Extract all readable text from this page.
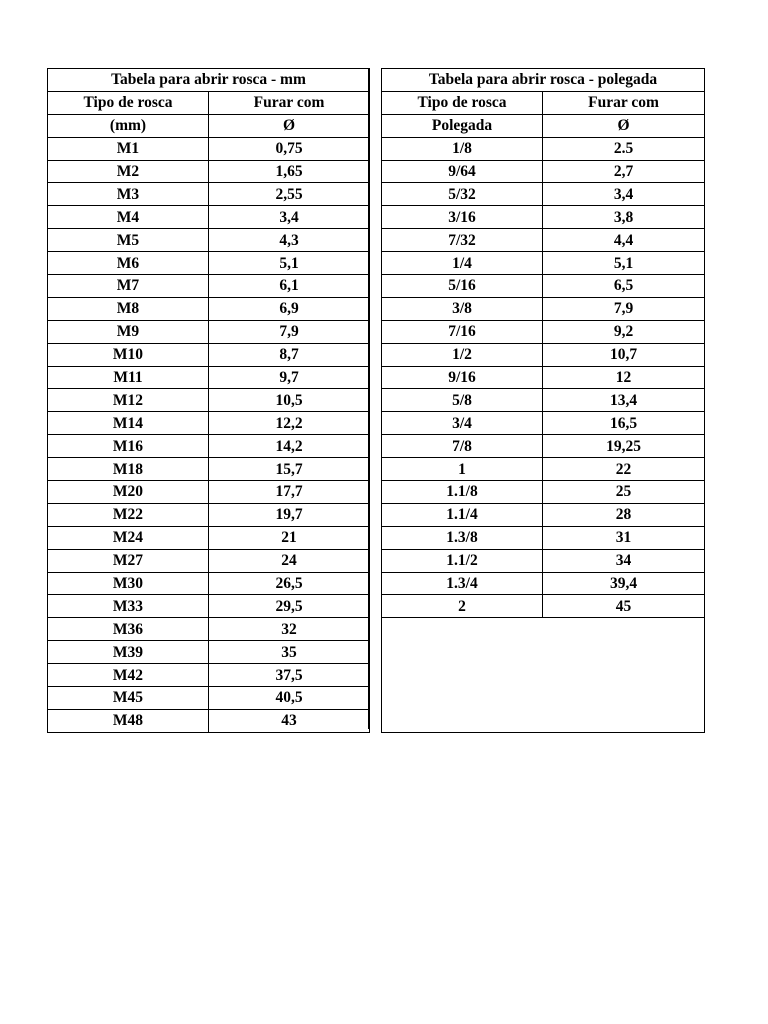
Tabela para abrir rosca - mm	
Tipo de rosca	Furar com
(mm)	Ø
M1	0,75
M2	1,65
M3	2,55
M4	3,4
M5	4,3
M6	5,1
M7	6,1
M8	6,9
M9	7,9
M10	8,7
M11	9,7
M12	10,5
M14	12,2
M16	14,2
M18	15,7
M20	17,7
M22	19,7
M24	21
M27	24
M30	26,5
M33	29,5
M36	32
M39	35
M42	37,5
M45	40,5
M48	43
Tabela para abrir rosca - polegada	
Tipo de rosca	Furar com
Polegada	Ø
1/8	2.5
9/64	2,7
5/32	3,4
3/16	3,8
7/32	4,4
1/4	5,1
5/16	6,5
3/8	7,9
7/16	9,2
1/2	10,7
9/16	12
5/8	13,4
3/4	16,5
7/8	19,25
1	22
1.1/8	25
1.1/4	28
1.3/8	31
1.1/2	34
1.3/4	39,4
2	45
